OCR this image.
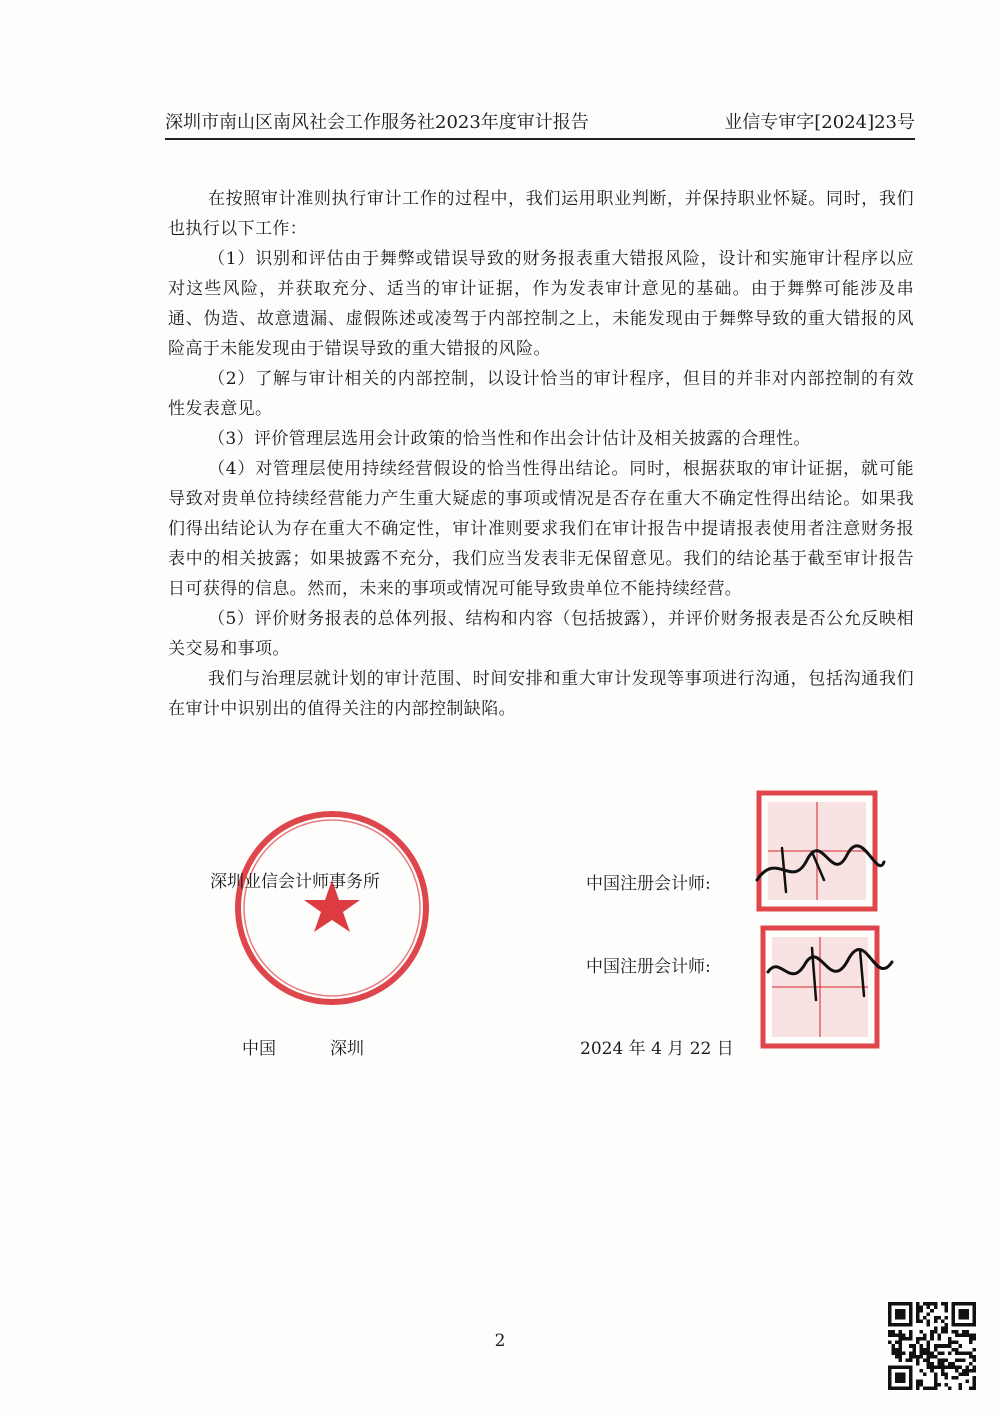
深圳市南山区南风社会工作服务社2023年度审计报告	业信专审字[2024]23号

在按照审计准则执行审计工作的过程中，我们运用职业判断，并保持职业怀疑。同时，我们也执行以下工作：

（1）识别和评估由于舞弊或错误导致的财务报表重大错报风险，设计和实施审计程序以应对这些风险，并获取充分、适当的审计证据，作为发表审计意见的基础。由于舞弊可能涉及串通、伪造、故意遗漏、虚假陈述或凌驾于内部控制之上，未能发现由于舞弊导致的重大错报的风险高于未能发现由于错误导致的重大错报的风险。

（2）了解与审计相关的内部控制，以设计恰当的审计程序，但目的并非对内部控制的有效性发表意见。

（3）评价管理层选用会计政策的恰当性和作出会计估计及相关披露的合理性。

（4）对管理层使用持续经营假设的恰当性得出结论。同时，根据获取的审计证据，就可能导致对贵单位持续经营能力产生重大疑虑的事项或情况是否存在重大不确定性得出结论。如果我们得出结论认为存在重大不确定性，审计准则要求我们在审计报告中提请报表使用者注意财务报表中的相关披露；如果披露不充分，我们应当发表非无保留意见。我们的结论基于截至审计报告日可获得的信息。然而，未来的事项或情况可能导致贵单位不能持续经营。

（5）评价财务报表的总体列报、结构和内容（包括披露），并评价财务报表是否公允反映相关交易和事项。

我们与治理层就计划的审计范围、时间安排和重大审计发现等事项进行沟通，包括沟通我们在审计中识别出的值得关注的内部控制缺陷。

深圳业信会计师事务所	中国注册会计师:
中国注册会计师:
中国	深圳	2024 年 4 月 22 日
2
